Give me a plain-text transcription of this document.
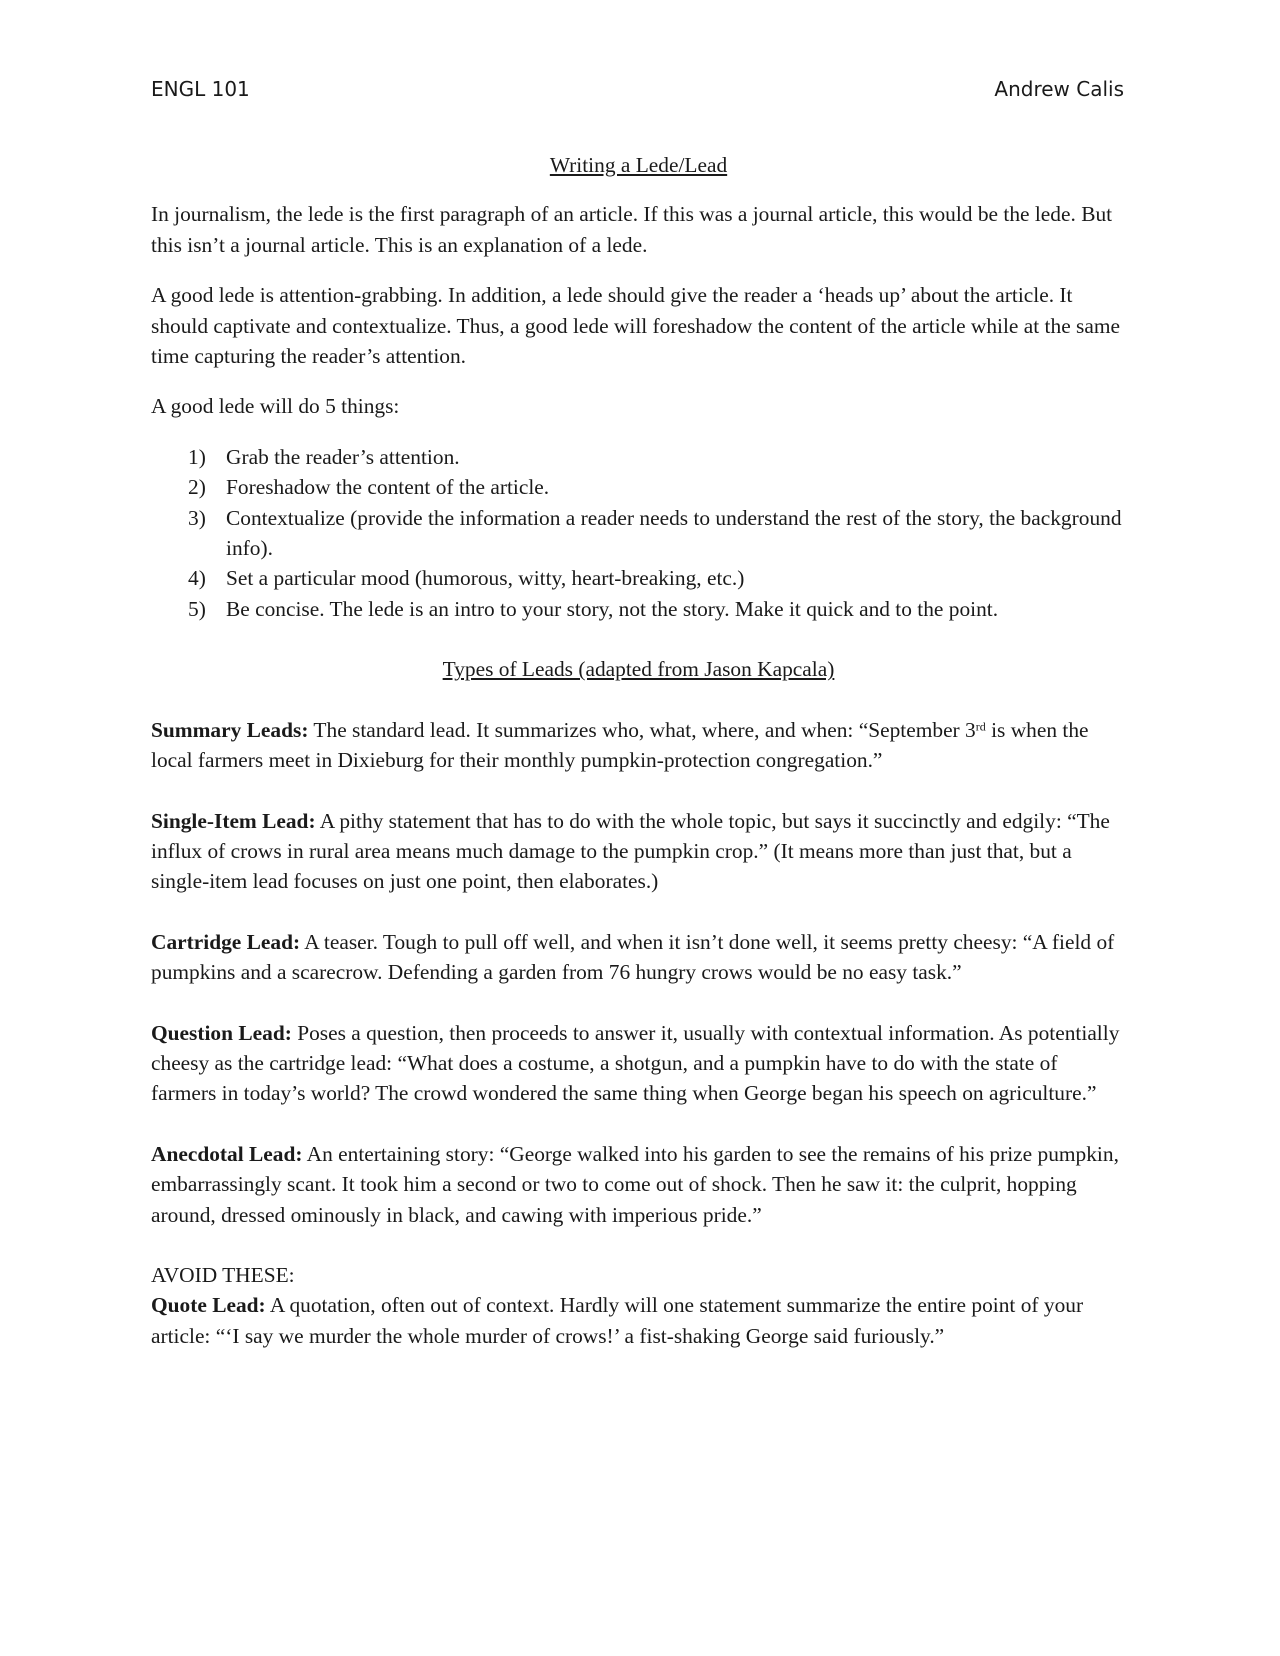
ENGL 101	Andrew Calis

Writing a Lede/Lead

In journalism, the lede is the first paragraph of an article. If this was a journal article, this would be the lede. But this isn’t a journal article. This is an explanation of a lede.

A good lede is attention-grabbing. In addition, a lede should give the reader a ‘heads up’ about the article. It should captivate and contextualize. Thus, a good lede will foreshadow the content of the article while at the same time capturing the reader’s attention.

A good lede will do 5 things:

1) Grab the reader’s attention.
2) Foreshadow the content of the article.
3) Contextualize (provide the information a reader needs to understand the rest of the story, the background info).
4) Set a particular mood (humorous, witty, heart-breaking, etc.)
5) Be concise. The lede is an intro to your story, not the story. Make it quick and to the point.

Types of Leads (adapted from Jason Kapcala)

Summary Leads: The standard lead. It summarizes who, what, where, and when: “September 3rd is when the local farmers meet in Dixieburg for their monthly pumpkin-protection congregation.”

Single-Item Lead: A pithy statement that has to do with the whole topic, but says it succinctly and edgily: “The influx of crows in rural area means much damage to the pumpkin crop.” (It means more than just that, but a single-item lead focuses on just one point, then elaborates.)

Cartridge Lead: A teaser. Tough to pull off well, and when it isn’t done well, it seems pretty cheesy: “A field of pumpkins and a scarecrow. Defending a garden from 76 hungry crows would be no easy task.”

Question Lead: Poses a question, then proceeds to answer it, usually with contextual information. As potentially cheesy as the cartridge lead: “What does a costume, a shotgun, and a pumpkin have to do with the state of farmers in today’s world? The crowd wondered the same thing when George began his speech on agriculture.”

Anecdotal Lead: An entertaining story: “George walked into his garden to see the remains of his prize pumpkin, embarrassingly scant. It took him a second or two to come out of shock. Then he saw it: the culprit, hopping around, dressed ominously in black, and cawing with imperious pride.”

AVOID THESE:

Quote Lead: A quotation, often out of context. Hardly will one statement summarize the entire point of your article: “‘I say we murder the whole murder of crows!’ a fist-shaking George said furiously.”
